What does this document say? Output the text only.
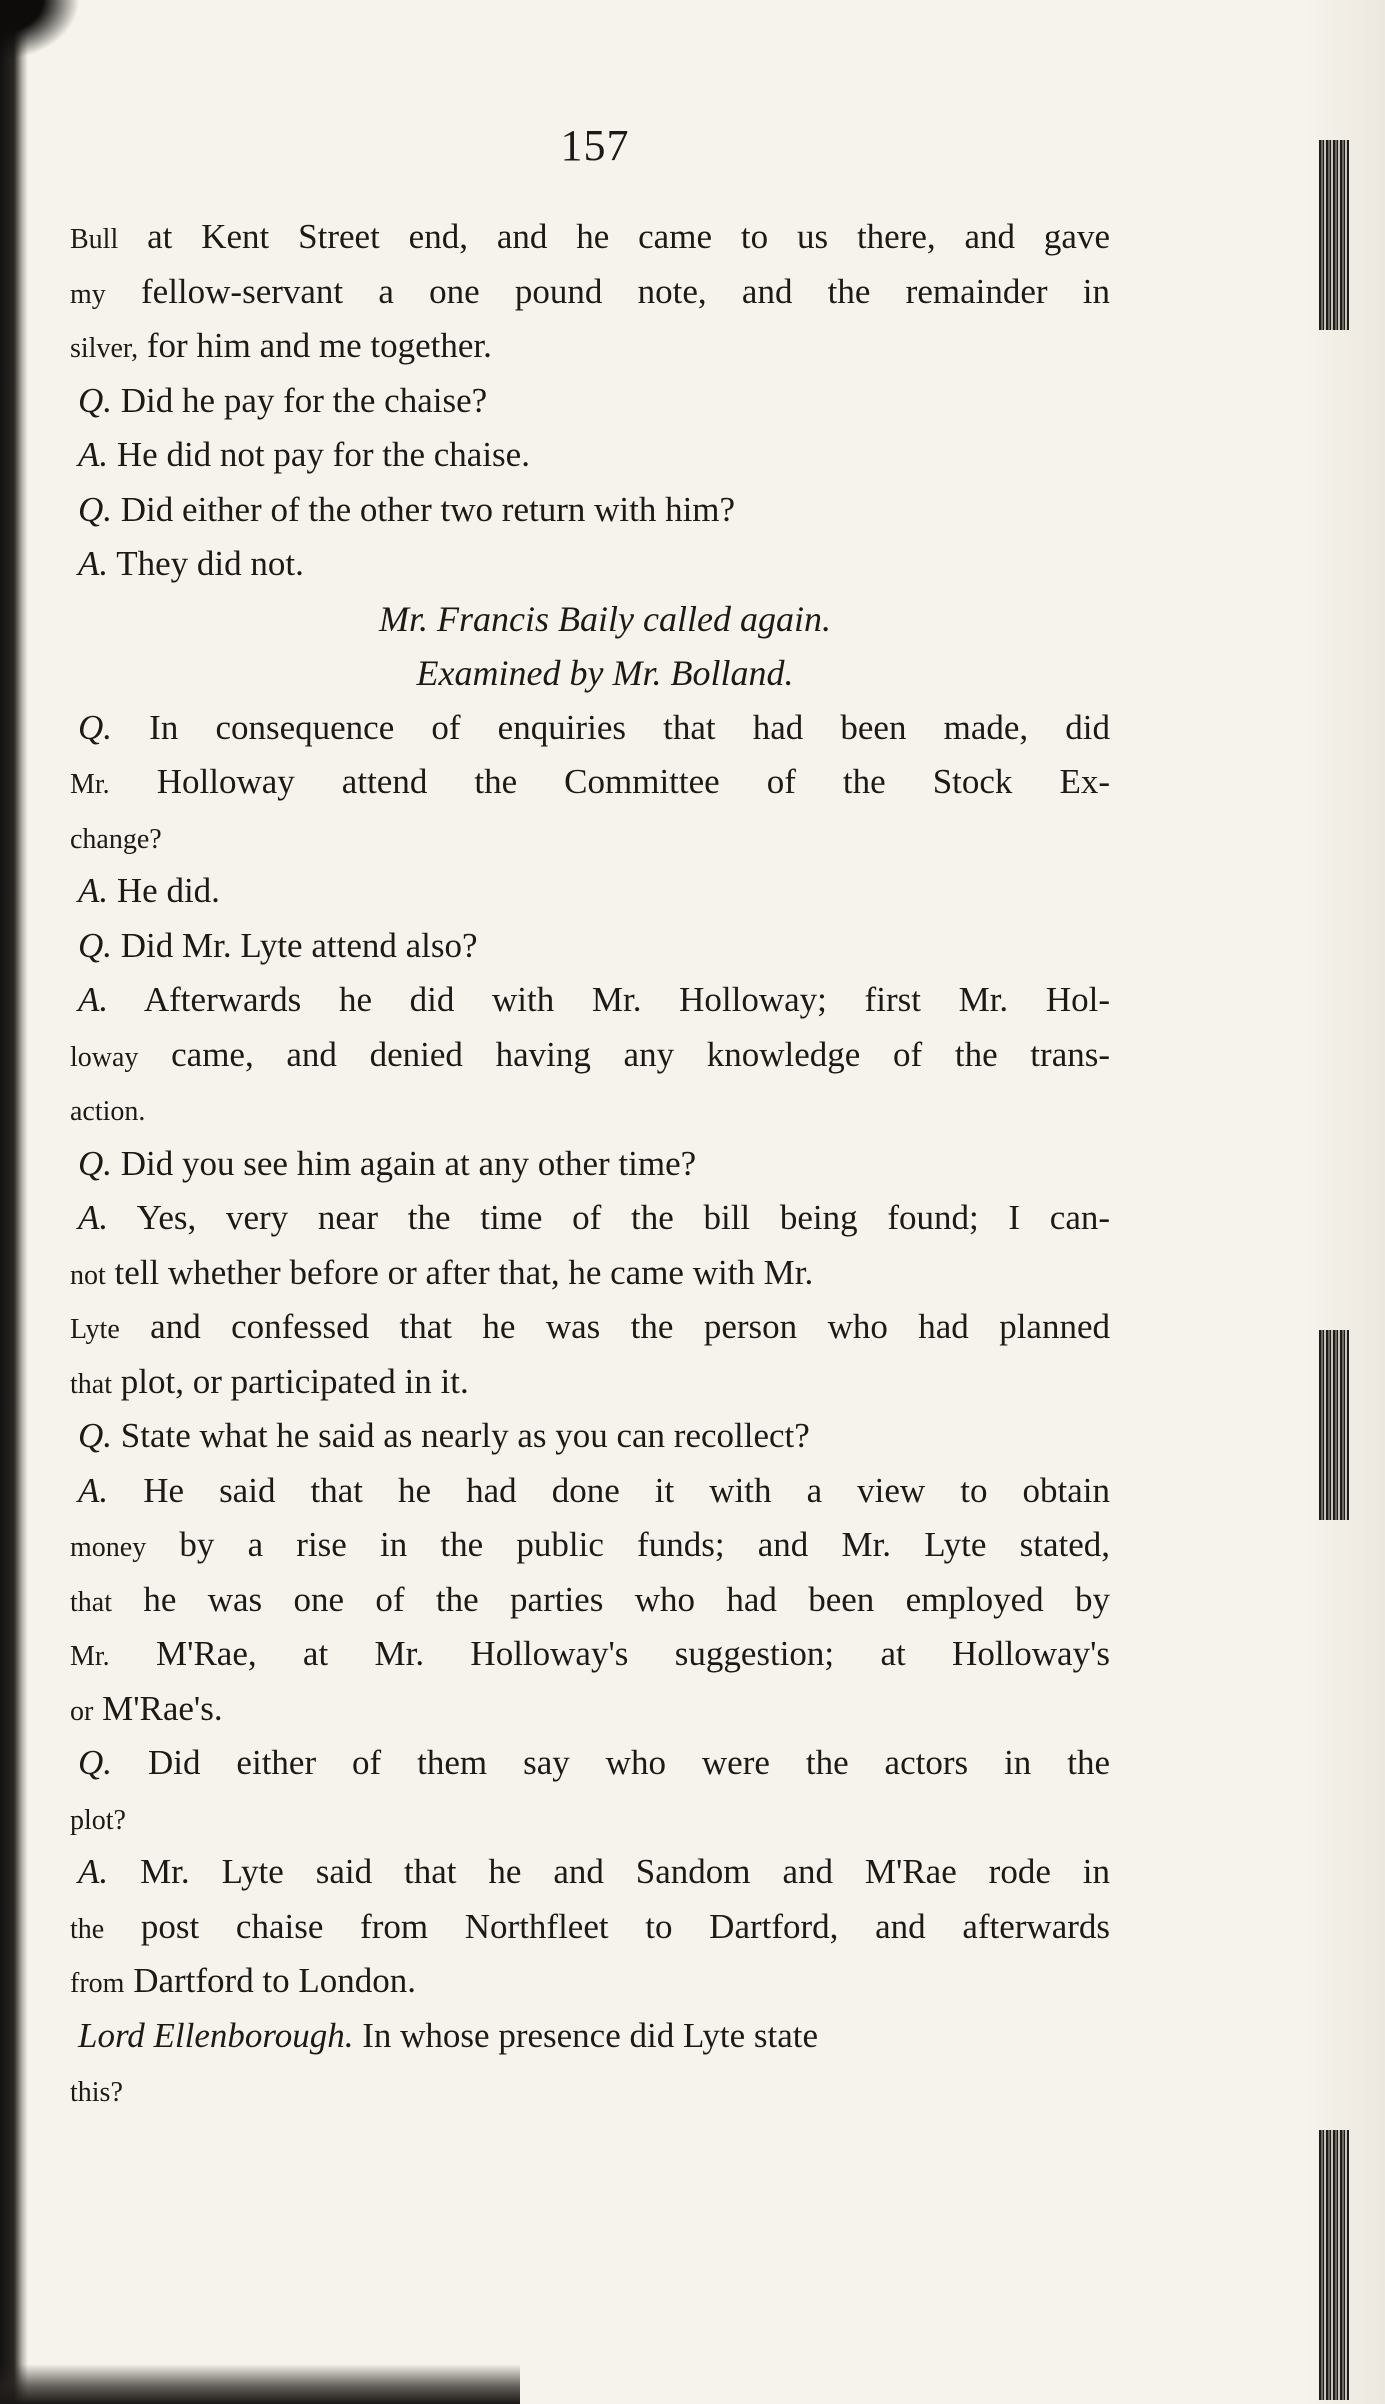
157
Bull at Kent Street end, and he came to us there, and gave
my fellow-servant a one pound note, and the remainder in
silver, for him and me together.
Q. Did he pay for the chaise?
A. He did not pay for the chaise.
Q. Did either of the other two return with him?
A. They did not.
Mr. Francis Baily called again.
Examined by Mr. Bolland.
Q. In consequence of enquiries that had been made, did
Mr. Holloway attend the Committee of the Stock Ex-
change?
A. He did.
Q. Did Mr. Lyte attend also?
A. Afterwards he did with Mr. Holloway; first Mr. Hol-
loway came, and denied having any knowledge of the trans-
action.
Q. Did you see him again at any other time?
A. Yes, very near the time of the bill being found; I can-
not tell whether before or after that, he came with Mr.
Lyte and confessed that he was the person who had planned
that plot, or participated in it.
Q. State what he said as nearly as you can recollect?
A. He said that he had done it with a view to obtain
money by a rise in the public funds; and Mr. Lyte stated,
that he was one of the parties who had been employed by
Mr. M'Rae, at Mr. Holloway's suggestion; at Holloway's
or M'Rae's.
Q. Did either of them say who were the actors in the
plot?
A. Mr. Lyte said that he and Sandom and M'Rae rode in
the post chaise from Northfleet to Dartford, and afterwards
from Dartford to London.
Lord Ellenborough. In whose presence did Lyte state
this?
